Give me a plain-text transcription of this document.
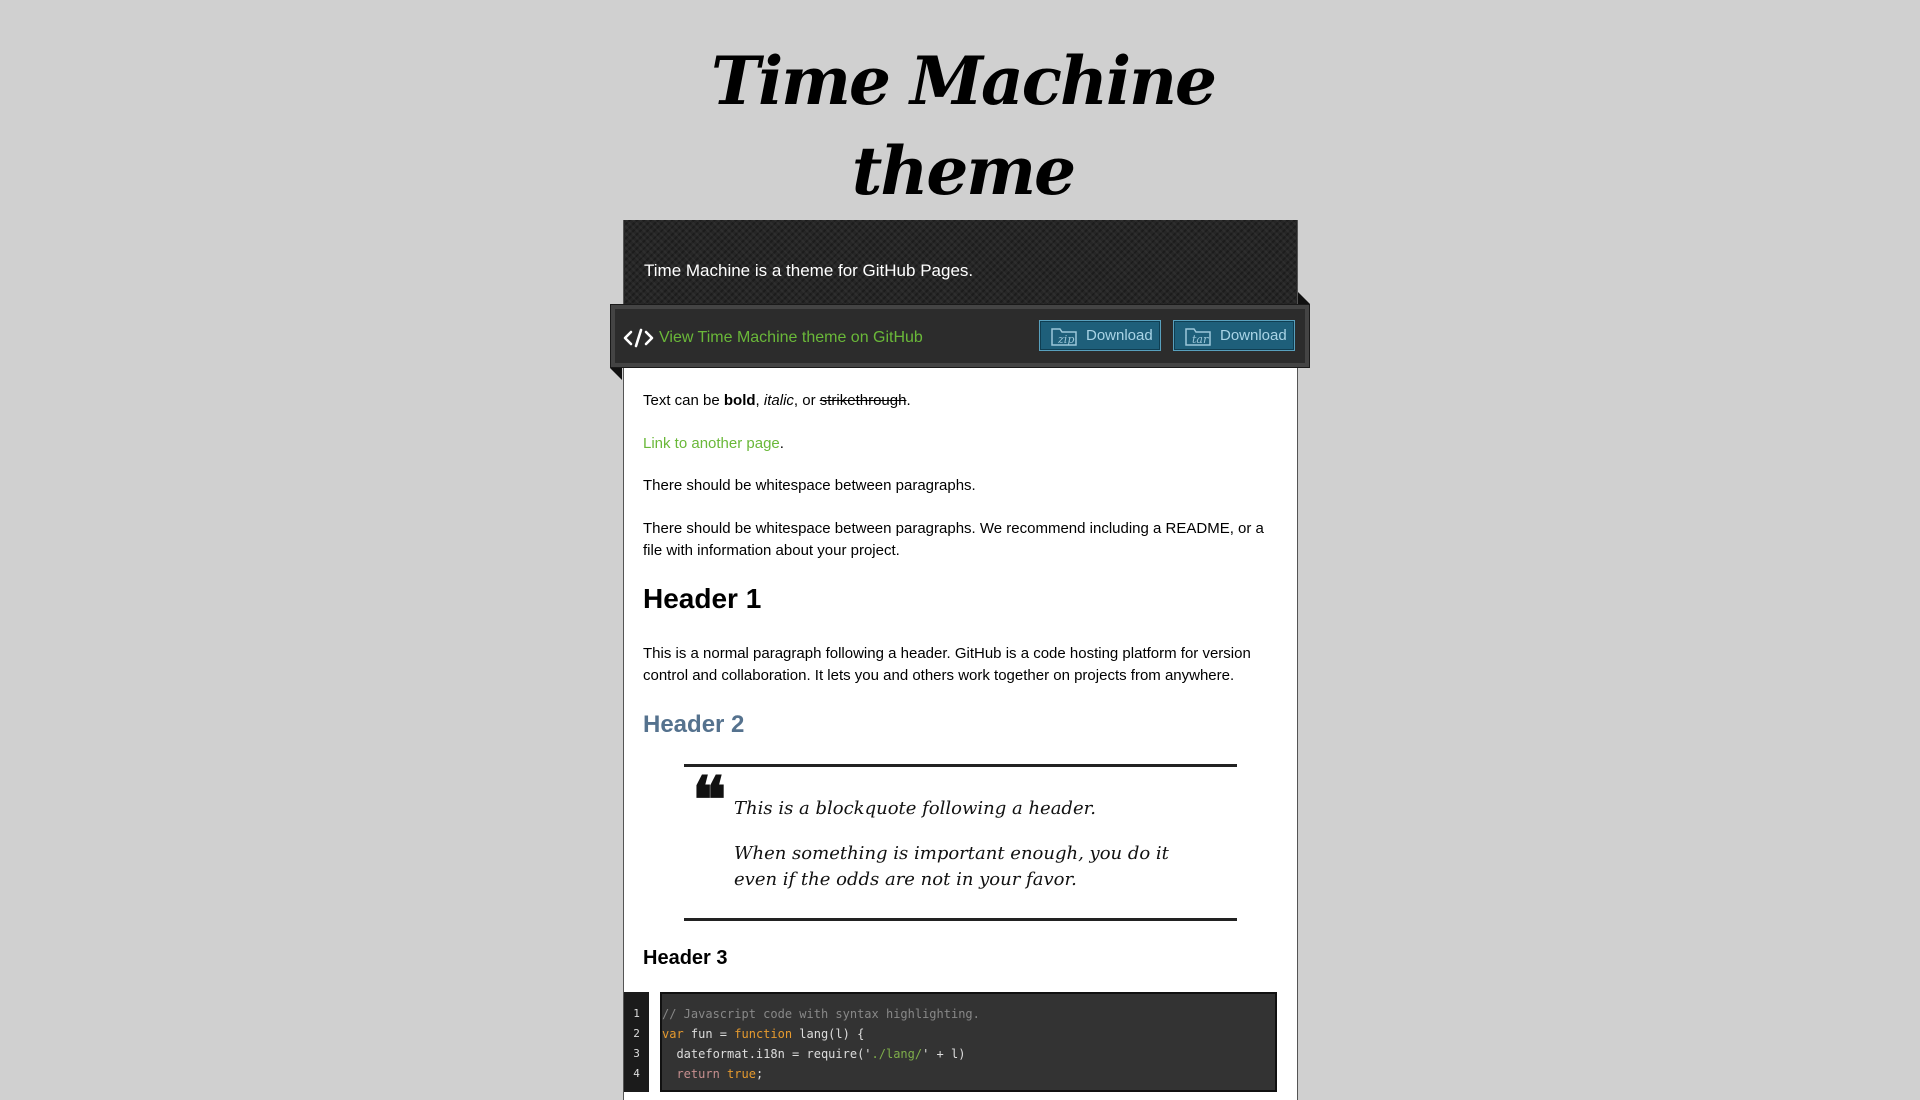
Time Machine theme

Time Machine is a theme for GitHub Pages.

View Time Machine theme on GitHub	zip Download	tar Download

Text can be bold, italic, or strikethrough.

Link to another page.

There should be whitespace between paragraphs.

There should be whitespace between paragraphs. We recommend including a README, or a file with information about your project.

Header 1

This is a normal paragraph following a header. GitHub is a code hosting platform for version control and collaboration. It lets you and others work together on projects from anywhere.

Header 2
Header 3
❝ This is a blockquote following a header.
When something is important enough, you do it even if the odds are not in your favor.
1
2
3
4
// Javascript code with syntax highlighting.
var fun = function lang(l) {
dateformat.i18n = require('./lang/' + l)
return true;
